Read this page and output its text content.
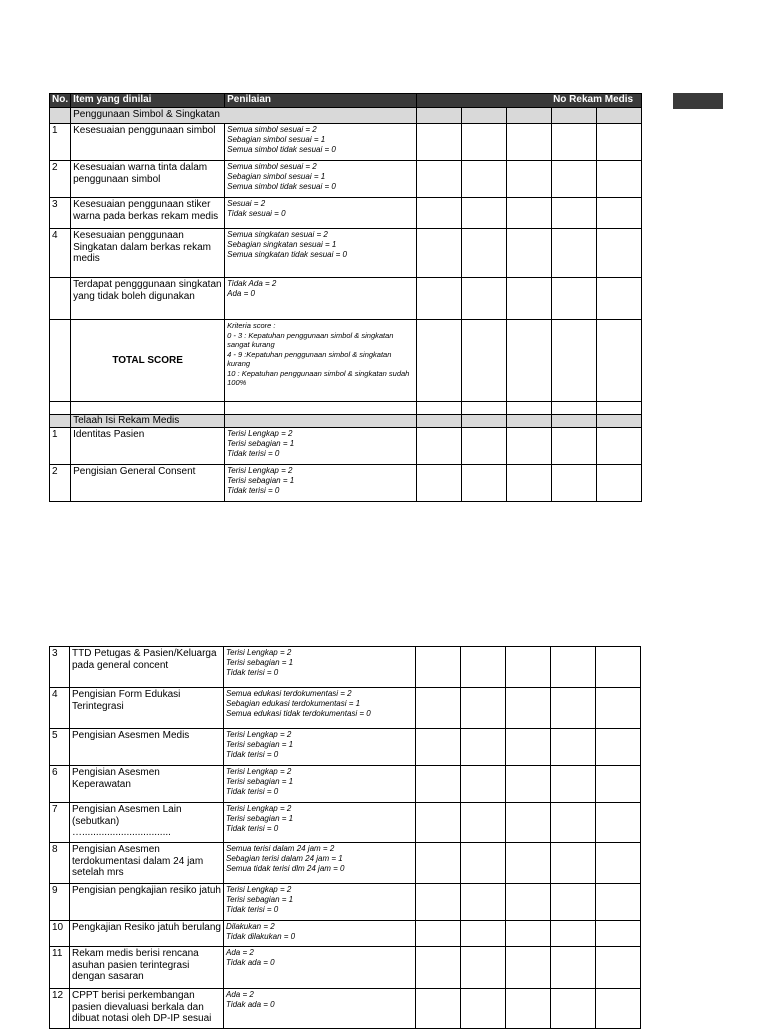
No.	Item yang dinilai	Penilaian	No Rekam Medis				
	Penggunaan Simbol & Singkatan						
1	Kesesuaian penggunaan simbol	Semua simbol sesuai = 2
Sebagian simbol sesuai = 1
Semua simbol tidak sesuai = 0					
2	Kesesuaian warna tinta dalam penggunaan simbol	Semua simbol sesuai = 2
Sebagian simbol sesuai = 1
Semua simbol tidak sesuai = 0					
3	Kesesuaian penggunaan stiker warna pada berkas rekam medis	Sesuai = 2
Tidak sesuai = 0					
4	Kesesuaian penggunaan Singkatan dalam berkas rekam medis	Semua singkatan sesuai = 2
Sebagian singkatan sesuai = 1
Semua singkatan tidak sesuai = 0					
	Terdapat pengggunaan singkatan yang tidak boleh digunakan	Tidak Ada = 2
Ada = 0					
	TOTAL SCORE	Kriteria score :
0 - 3 : Kepatuhan penggunaan simbol & singkatan sangat kurang
4 - 9 :Kepatuhan penggunaan simbol & singkatan kurang
10 : Kepatuhan penggunaan simbol & singkatan sudah 100%					

	Telaah Isi Rekam Medis						
1	Identitas Pasien	Terisi Lengkap = 2
Terisi sebagian = 1
Tidak terisi = 0					
2	Pengisian General Consent	Terisi Lengkap = 2
Terisi sebagian = 1
Tidak terisi = 0					
3	TTD Petugas & Pasien/Keluarga pada general concent	Terisi Lengkap = 2
Terisi sebagian = 1
Tidak terisi = 0					
4	Pengisian Form Edukasi Terintegrasi	Semua edukasi terdokumentasi = 2
Sebagian edukasi terdokumentasi = 1
Semua edukasi tidak terdokumentasi = 0					
5	Pengisian Asesmen Medis	Terisi Lengkap = 2
Terisi sebagian = 1
Tidak terisi = 0					
6	Pengisian Asesmen Keperawatan	Terisi Lengkap = 2
Terisi sebagian = 1
Tidak terisi = 0					
7	Pengisian Asesmen Lain (sebutkan)
…................................	Terisi Lengkap = 2
Terisi sebagian = 1
Tidak terisi = 0					
8	Pengisian Asesmen terdokumentasi dalam 24 jam setelah mrs	Semua terisi dalam 24 jam = 2
Sebagian terisi dalam 24 jam = 1
Semua tidak terisi dlm 24 jam = 0					
9	Pengisian pengkajian resiko jatuh	Terisi Lengkap = 2
Terisi sebagian = 1
Tidak terisi = 0					
10	Pengkajian Resiko jatuh berulang	Dilakukan = 2
Tidak dilakukan = 0					
11	Rekam medis berisi rencana asuhan pasien terintegrasi dengan sasaran	Ada = 2
Tidak ada = 0					
12	CPPT berisi perkembangan pasien dievaluasi berkala dan dibuat notasi oleh DP-IP sesuai	Ada = 2
Tidak ada = 0					
